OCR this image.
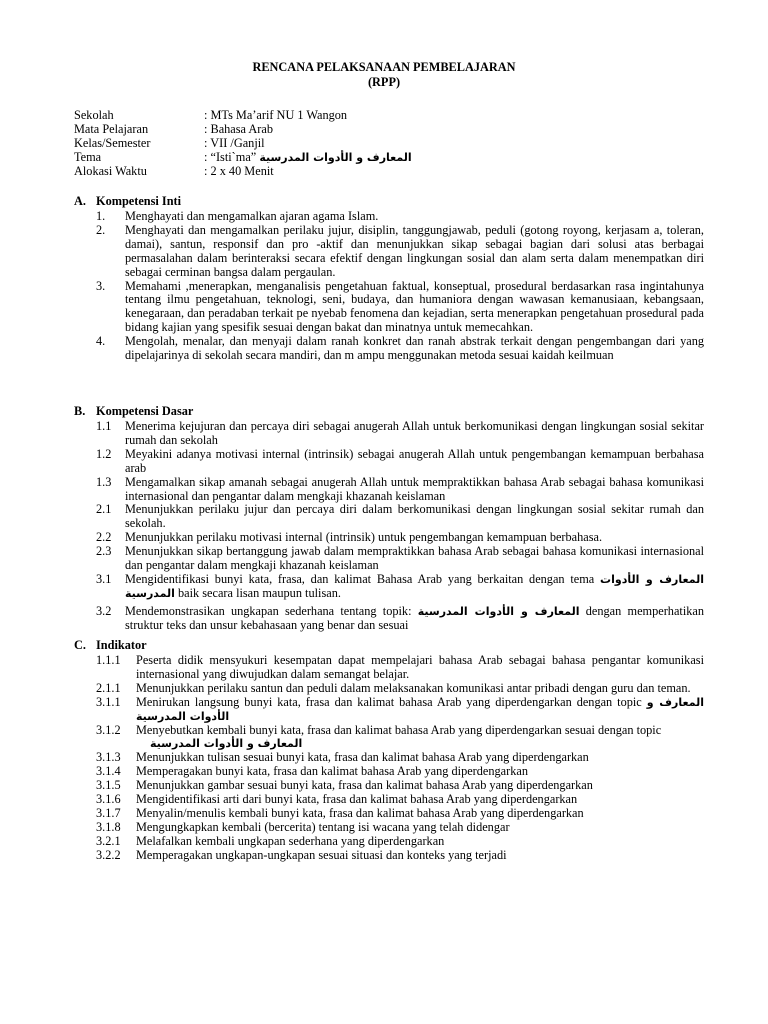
RENCANA PELAKSANAAN PEMBELAJARAN
(RPP)
Sekolah	: MTs Ma’arif NU 1 Wangon
Mata Pelajaran	: Bahasa Arab
Kelas/Semester	: VII /Ganjil
Tema	: “Isti`ma” المعارف و الأدوات المدرسية
Alokasi Waktu	: 2 x 40 Menit
A. Kompetensi Inti
1.	Menghayati dan mengamalkan ajaran agama Islam.
2.	Menghayati dan mengamalkan perilaku jujur, disiplin, tanggungjawab, peduli (gotong royong, kerjasam a, toleran, damai), santun, responsif dan pro -aktif dan menunjukkan sikap sebagai bagian dari solusi atas berbagai permasalahan dalam berinteraksi secara efektif dengan lingkungan sosial dan alam serta dalam menempatkan diri sebagai cerminan bangsa dalam pergaulan.
3.	Memahami ,menerapkan, menganalisis pengetahuan faktual, konseptual, prosedural berdasarkan rasa ingintahunya tentang ilmu pengetahuan, teknologi, seni, budaya, dan humaniora dengan wawasan kemanusiaan, kebangsaan, kenegaraan, dan peradaban terkait pe nyebab fenomena dan kejadian, serta menerapkan pengetahuan prosedural pada bidang kajian yang spesifik sesuai dengan bakat dan minatnya untuk memecahkan.
4.	Mengolah, menalar, dan menyaji dalam ranah konkret dan ranah abstrak terkait dengan pengembangan dari yang dipelajarinya di sekolah secara mandiri, dan m ampu menggunakan metoda sesuai kaidah keilmuan
B. Kompetensi Dasar
1.1	Menerima kejujuran dan percaya diri sebagai anugerah Allah untuk berkomunikasi dengan lingkungan sosial sekitar rumah dan sekolah
1.2	Meyakini adanya motivasi internal (intrinsik) sebagai anugerah Allah untuk pengembangan kemampuan berbahasa arab
1.3	Mengamalkan sikap amanah sebagai anugerah Allah untuk mempraktikkan bahasa Arab sebagai bahasa komunikasi internasional dan pengantar dalam mengkaji khazanah keislaman
2.1	Menunjukkan perilaku jujur dan percaya diri dalam berkomunikasi dengan lingkungan sosial sekitar rumah dan sekolah.
2.2	Menunjukkan perilaku motivasi internal (intrinsik) untuk pengembangan kemampuan berbahasa.
2.3	Menunjukkan sikap bertanggung jawab dalam mempraktikkan bahasa Arab sebagai bahasa komunikasi internasional dan pengantar dalam mengkaji khazanah keislaman
3.1	Mengidentifikasi bunyi kata, frasa, dan kalimat Bahasa Arab yang berkaitan dengan tema المعارف و الأدوات المدرسية baik secara lisan maupun tulisan.
3.2	Mendemonstrasikan ungkapan sederhana tentang topik: المعارف و الأدوات المدرسية dengan memperhatikan struktur teks dan unsur kebahasaan yang benar dan sesuai
C. Indikator
1.1.1	Peserta didik mensyukuri kesempatan dapat mempelajari bahasa Arab sebagai bahasa pengantar komunikasi internasional yang diwujudkan dalam semangat belajar.
2.1.1	Menunjukkan perilaku santun dan peduli dalam melaksanakan komunikasi antar pribadi dengan guru dan teman.
3.1.1	Menirukan langsung bunyi kata, frasa dan kalimat bahasa Arab yang diperdengarkan dengan topic المعارف و الأدوات المدرسية
3.1.2	Menyebutkan kembali bunyi kata, frasa dan kalimat bahasa Arab yang diperdengarkan sesuai dengan topic
المعارف و الأدوات المدرسية
3.1.3	Menunjukkan tulisan sesuai bunyi kata, frasa dan kalimat bahasa Arab yang diperdengarkan
3.1.4	Memperagakan bunyi kata, frasa dan kalimat bahasa Arab yang diperdengarkan
3.1.5	Menunjukkan gambar sesuai bunyi kata, frasa dan kalimat bahasa Arab yang diperdengarkan
3.1.6	Mengidentifikasi arti dari bunyi kata, frasa dan kalimat bahasa Arab yang diperdengarkan
3.1.7	Menyalin/menulis kembali bunyi kata, frasa dan kalimat bahasa Arab yang diperdengarkan
3.1.8	Mengungkapkan kembali (bercerita) tentang isi wacana yang telah didengar
3.2.1	Melafalkan kembali ungkapan sederhana yang diperdengarkan
3.2.2	Memperagakan ungkapan-ungkapan sesuai situasi dan konteks yang terjadi
